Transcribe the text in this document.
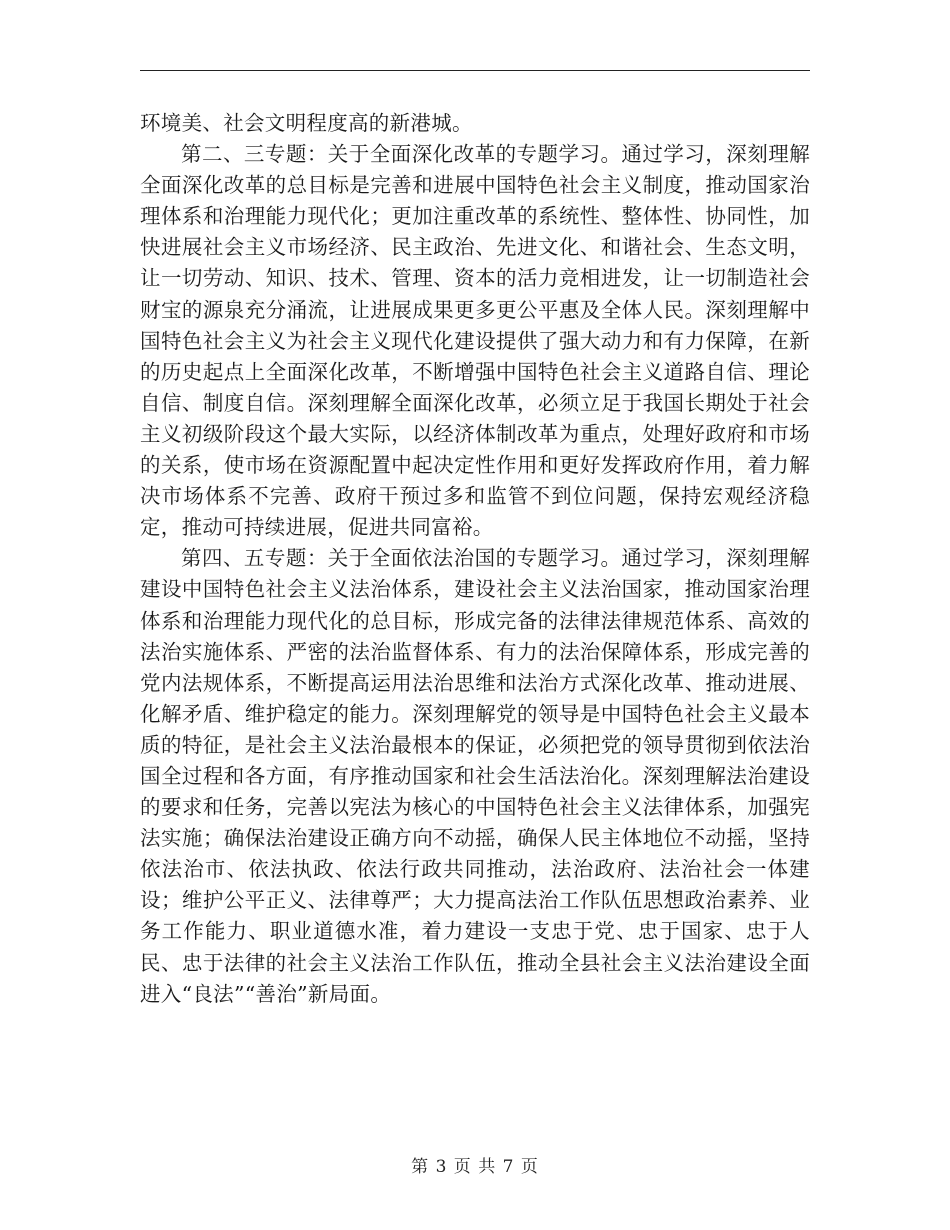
环境美、社会文明程度高的新港城。

第二、三专题：关于全面深化改革的专题学习。通过学习，深刻理解全面深化改革的总目标是完善和进展中国特色社会主义制度，推动国家治理体系和治理能力现代化；更加注重改革的系统性、整体性、协同性，加快进展社会主义市场经济、民主政治、先进文化、和谐社会、生态文明，让一切劳动、知识、技术、管理、资本的活力竞相进发，让一切制造社会财宝的源泉充分涌流，让进展成果更多更公平惠及全体人民。深刻理解中国特色社会主义为社会主义现代化建设提供了强大动力和有力保障，在新的历史起点上全面深化改革，不断增强中国特色社会主义道路自信、理论自信、制度自信。深刻理解全面深化改革，必须立足于我国长期处于社会主义初级阶段这个最大实际，以经济体制改革为重点，处理好政府和市场的关系，使市场在资源配置中起决定性作用和更好发挥政府作用，着力解决市场体系不完善、政府干预过多和监管不到位问题，保持宏观经济稳定，推动可持续进展，促进共同富裕。

第四、五专题：关于全面依法治国的专题学习。通过学习，深刻理解建设中国特色社会主义法治体系，建设社会主义法治国家，推动国家治理体系和治理能力现代化的总目标，形成完备的法律法律规范体系、高效的法治实施体系、严密的法治监督体系、有力的法治保障体系，形成完善的党内法规体系，不断提高运用法治思维和法治方式深化改革、推动进展、化解矛盾、维护稳定的能力。深刻理解党的领导是中国特色社会主义最本质的特征，是社会主义法治最根本的保证，必须把党的领导贯彻到依法治国全过程和各方面，有序推动国家和社会生活法治化。深刻理解法治建设的要求和任务，完善以宪法为核心的中国特色社会主义法律体系，加强宪法实施；确保法治建设正确方向不动摇，确保人民主体地位不动摇，坚持依法治市、依法执政、依法行政共同推动，法治政府、法治社会一体建设；维护公平正义、法律尊严；大力提高法治工作队伍思想政治素养、业务工作能力、职业道德水准，着力建设一支忠于党、忠于国家、忠于人民、忠于法律的社会主义法治工作队伍，推动全县社会主义法治建设全面进入“良法”“善治”新局面。

第 3 页 共 7 页
